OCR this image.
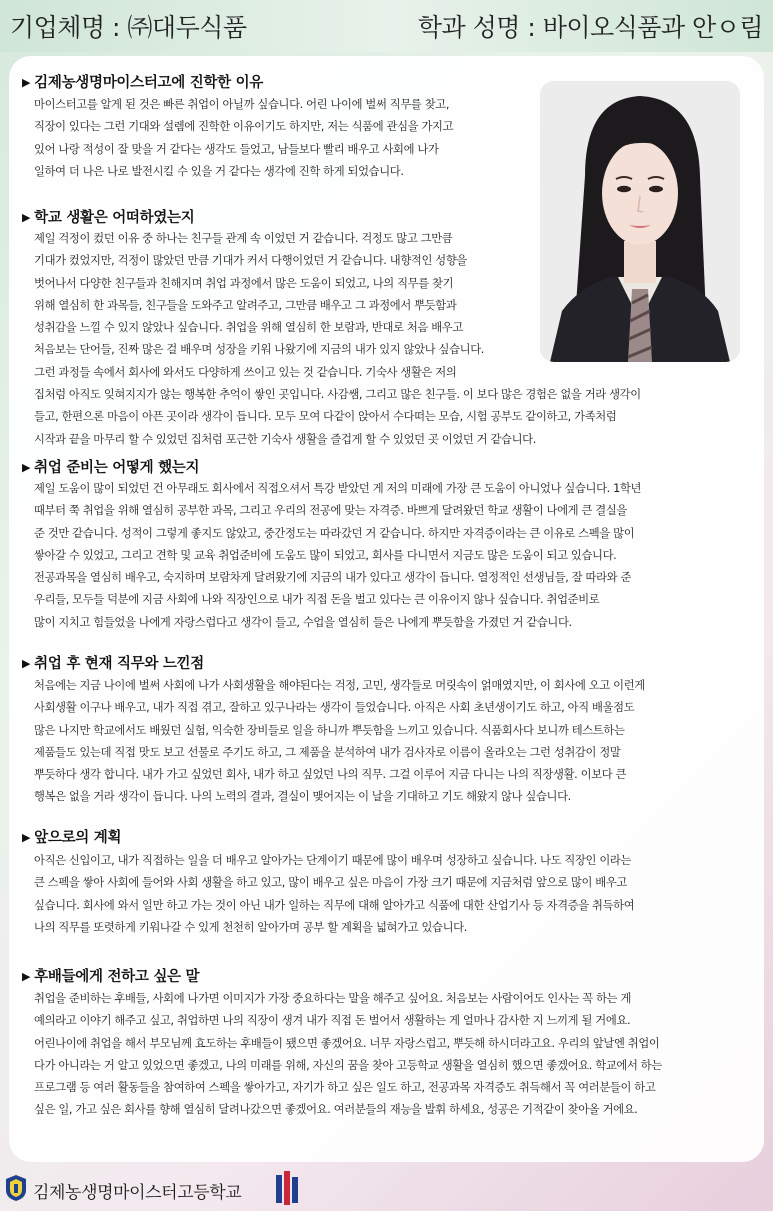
기업체명 : ㈜대두식품	학과 성명 : 바이오식품과 안ㅇ림
▶ 김제농생명마이스터고에 진학한 이유
마이스터고를 알게 된 것은 빠른 취업이 아닐까 싶습니다. 어린 나이에 벌써 직무를 찾고,
직장이 있다는 그런 기대와 설렘에 진학한 이유이기도 하지만, 저는 식품에 관심을 가지고
있어 나랑 적성이 잘 맞을 거 같다는 생각도 들었고, 남들보다 빨리 배우고 사회에 나가
일하여 더 나은 나로 발전시킬 수 있을 거 같다는 생각에 진학 하게 되었습니다.
▶ 학교 생활은 어떠하였는지
제일 걱정이 컸던 이유 중 하나는 친구들 관계 속 이었던 거 같습니다. 걱정도 많고 그만큼
기대가 컸었지만, 걱정이 많았던 만큼 기대가 커서 다행이었던 거 같습니다. 내향적인 성향을
벗어나서 다양한 친구들과 친해지며 취업 과정에서 많은 도움이 되었고, 나의 직무를 찾기
위해 열심히 한 과목들, 친구들을 도와주고 알려주고, 그만큼 배우고 그 과정에서 뿌듯함과
성취감을 느낄 수 있지 않았나 싶습니다. 취업을 위해 열심히 한 보람과, 반대로 처음 배우고
처음보는 단어들, 진짜 많은 걸 배우며 성장을 키워 나왔기에 지금의 내가 있지 않았나 싶습니다.
그런 과정들 속에서 회사에 와서도 다양하게 쓰이고 있는 것 같습니다. 기숙사 생활은 저의
집처럼 아직도 잊혀지지가 않는 행복한 추억이 쌓인 곳입니다. 사감쌤, 그리고 많은 친구들. 이 보다 많은 경험은 없을 거라 생각이
들고, 한편으론 마음이 아픈 곳이라 생각이 듭니다. 모두 모여 다같이 앉아서 수다떠는 모습, 시험 공부도 같이하고, 가족처럼
시작과 끝을 마무리 할 수 있었던 집처럼 포근한 기숙사 생활을 즐겁게 할 수 있었던 곳 이었던 거 같습니다.
▶ 취업 준비는 어떻게 했는지
제일 도움이 많이 되었던 건 아무래도 회사에서 직접오셔서 특강 받았던 게 저의 미래에 가장 큰 도움이 아니었나 싶습니다. 1학년
때부터 쭉 취업을 위해 열심히 공부한 과목, 그리고 우리의 전공에 맞는 자격증. 바쁘게 달려왔던 학교 생활이 나에게 큰 결실을
준 것만 같습니다. 성적이 그렇게 좋지도 않았고, 중간정도는 따라갔던 거 같습니다. 하지만 자격증이라는 큰 이유로 스펙을 많이
쌓아갈 수 있었고, 그리고 견학 및 교육 취업준비에 도움도 많이 되었고, 회사를 다니면서 지금도 많은 도움이 되고 있습니다.
전공과목을 열심히 배우고, 숙지하며 보람차게 달려왔기에 지금의 내가 있다고 생각이 듭니다. 열정적인 선생님들, 잘 따라와 준
우리들, 모두들 덕분에 지금 사회에 나와 직장인으로 내가 직접 돈을 벌고 있다는 큰 이유이지 않나 싶습니다. 취업준비로
많이 지치고 힘들었을 나에게 자랑스럽다고 생각이 들고, 수업을 열심히 들은 나에게 뿌듯함을 가졌던 거 같습니다.
▶ 취업 후 현재 직무와 느낀점
처음에는 지금 나이에 벌써 사회에 나가 사회생활을 해야된다는 걱정, 고민, 생각들로 머릿속이 얽매였지만, 이 회사에 오고 이런게
사회생활 이구나 배우고, 내가 직접 겪고, 잘하고 있구나라는 생각이 들었습니다. 아직은 사회 초년생이기도 하고, 아직 배울점도
많은 나지만 학교에서도 배웠던 실험, 익숙한 장비들로 일을 하니까 뿌듯함을 느끼고 있습니다. 식품회사다 보니까 테스트하는
제품들도 있는데 직접 맛도 보고 선물로 주기도 하고, 그 제품을 분석하여 내가 검사자로 이름이 올라오는 그런 성취감이 정말
뿌듯하다 생각 합니다. 내가 가고 싶었던 회사, 내가 하고 싶었던 나의 직무. 그걸 이루어 지금 다니는 나의 직장생활. 이보다 큰
행복은 없을 거라 생각이 듭니다. 나의 노력의 결과, 결실이 맺어지는 이 날을 기대하고 기도 해왔지 않나 싶습니다.
▶ 앞으로의 계획
아직은 신입이고, 내가 직접하는 일을 더 배우고 알아가는 단계이기 때문에 많이 배우며 성장하고 싶습니다. 나도 직장인 이라는
큰 스펙을 쌓아 사회에 들어와 사회 생활을 하고 있고, 많이 배우고 싶은 마음이 가장 크기 때문에 지금처럼 앞으로 많이 배우고
싶습니다. 회사에 와서 일만 하고 가는 것이 아닌 내가 일하는 직무에 대해 알아가고 식품에 대한 산업기사 등 자격증을 취득하여
나의 직무를 또렷하게 키워나갈 수 있게 천천히 알아가며 공부 할 계획을 넓혀가고 있습니다.
▶ 후배들에게 전하고 싶은 말
취업을 준비하는 후배들, 사회에 나가면 이미지가 가장 중요하다는 말을 해주고 싶어요. 처음보는 사람이어도 인사는 꼭 하는 게
예의라고 이야기 해주고 싶고, 취업하면 나의 직장이 생겨 내가 직접 돈 벌어서 생활하는 게 얼마나 감사한 지 느끼게 될 거에요.
어린나이에 취업을 해서 부모님께 효도하는 후배들이 됐으면 좋겠어요. 너무 자랑스럽고, 뿌듯해 하시더라고요. 우리의 앞날엔 취업이
다가 아니라는 거 알고 있었으면 좋겠고, 나의 미래를 위해, 자신의 꿈을 찾아 고등학교 생활을 열심히 했으면 좋겠어요. 학교에서 하는
프로그램 등 여러 활동들을 참여하여 스펙을 쌓아가고, 자기가 하고 싶은 일도 하고, 전공과목 자격증도 취득해서 꼭 여러분들이 하고
싶은 일, 가고 싶은 회사를 향해 열심히 달려나갔으면 좋겠어요. 여러분들의 재능을 발휘 하세요, 성공은 기적같이 찾아올 거에요.
김제농생명마이스터고등학교
